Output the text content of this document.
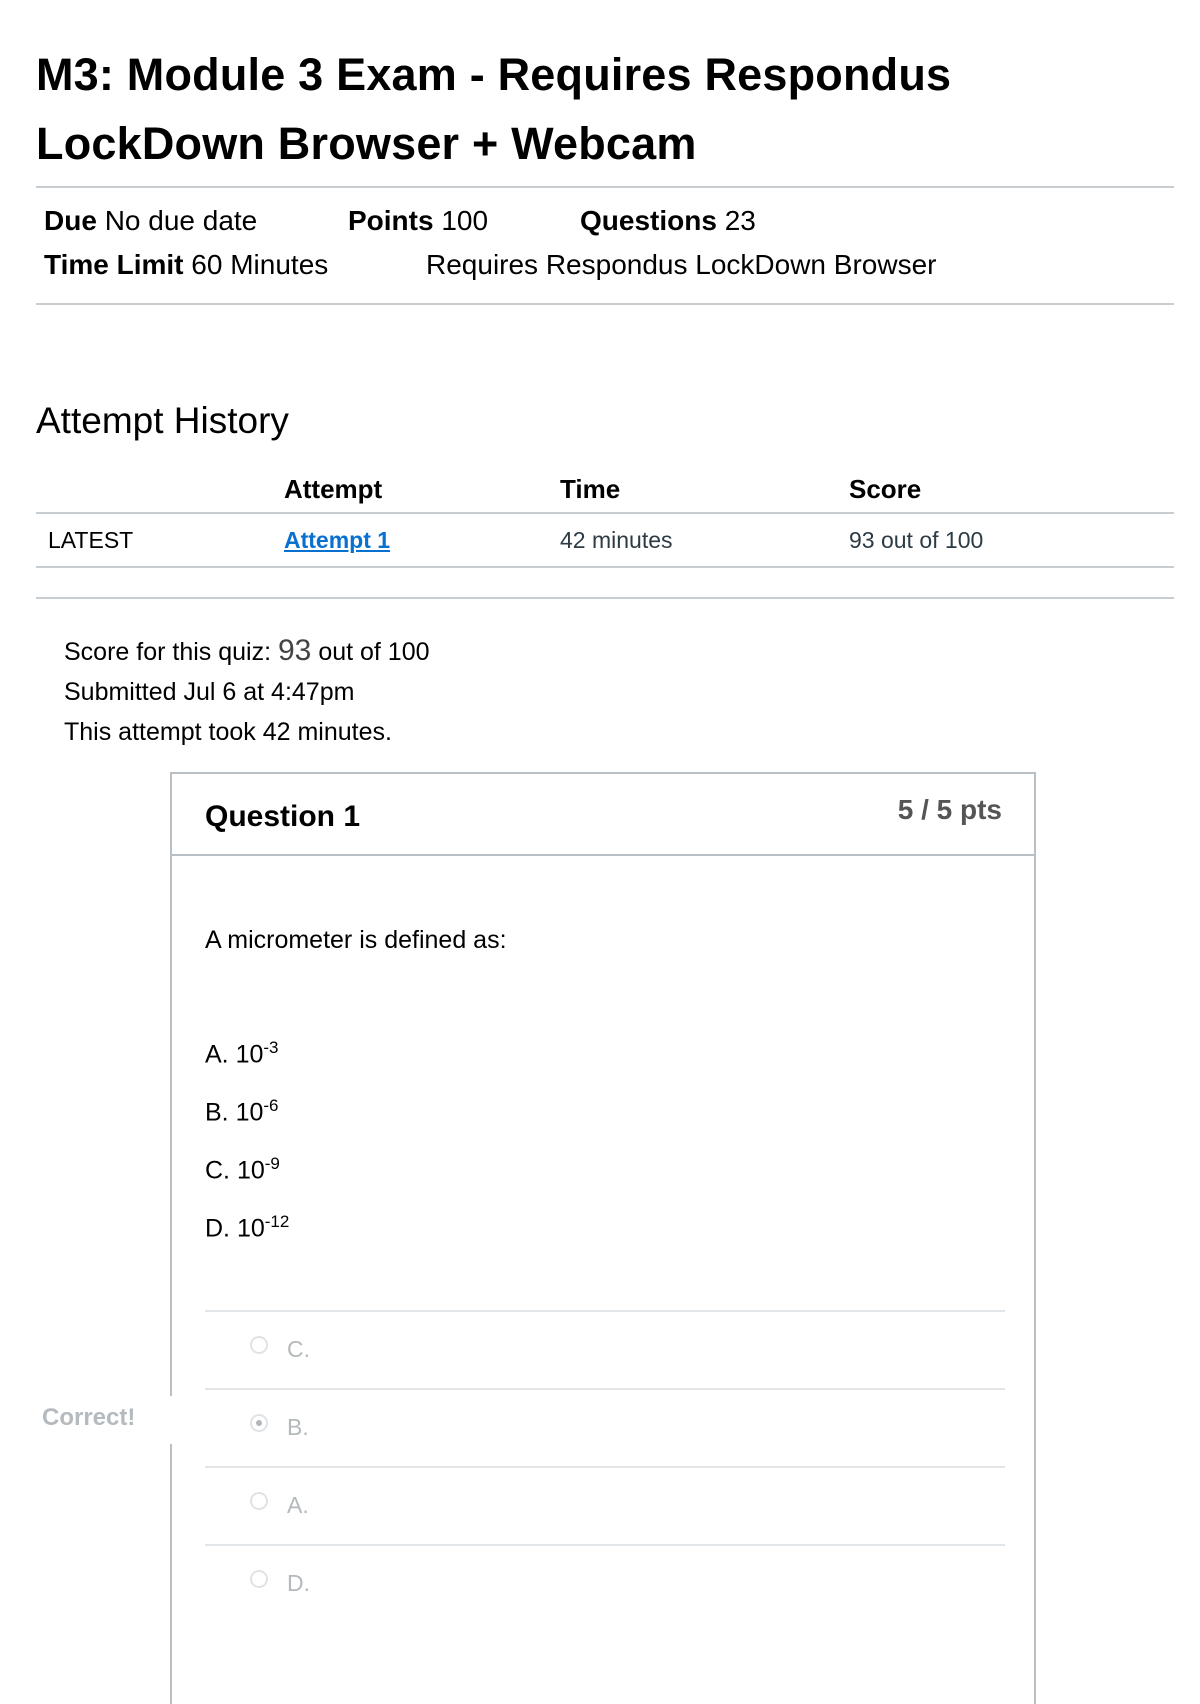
M3: Module 3 Exam - Requires Respondus LockDown Browser + Webcam
Due No due date	Points 100	Questions 23
Time Limit 60 Minutes	Requires Respondus LockDown Browser
Attempt History
	Attempt	Time	Score
LATEST	Attempt 1	42 minutes	93 out of 100
Score for this quiz: 93 out of 100
Submitted Jul 6 at 4:47pm
This attempt took 42 minutes.
Question 1	5 / 5 pts
A micrometer is defined as:
A. $10^{-3}$
B. $10^{-6}$
C. $10^{-9}$
D. $10^{-12}$
C.
B.
A.
D.
Correct!
